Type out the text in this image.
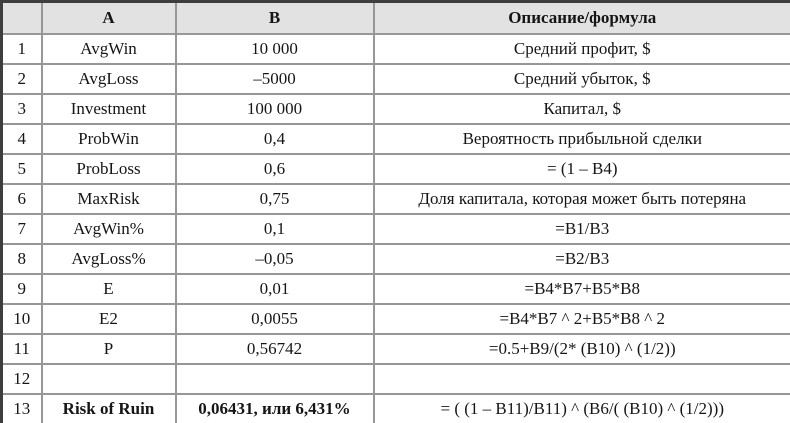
	A	B	Описание/формула
1	AvgWin	10 000	Средний профит, $
2	AvgLoss	–5000	Средний убыток, $
3	Investment	100 000	Капитал, $
4	ProbWin	0,4	Вероятность прибыльной сделки
5	ProbLoss	0,6	= (1 – B4)
6	MaxRisk	0,75	Доля капитала, которая может быть потеряна
7	AvgWin%	0,1	=B1/B3
8	AvgLoss%	–0,05	=B2/B3
9	E	0,01	=B4*B7+B5*B8
10	E2	0,0055	=B4*B7 ^ 2+B5*B8 ^ 2
11	P	0,56742	=0.5+B9/(2* (B10) ^ (1/2))
12			
13	Risk of Ruin	0,06431, или 6,431%	= ( (1 – B11)/B11) ^ (B6/( (B10) ^ (1/2)))
